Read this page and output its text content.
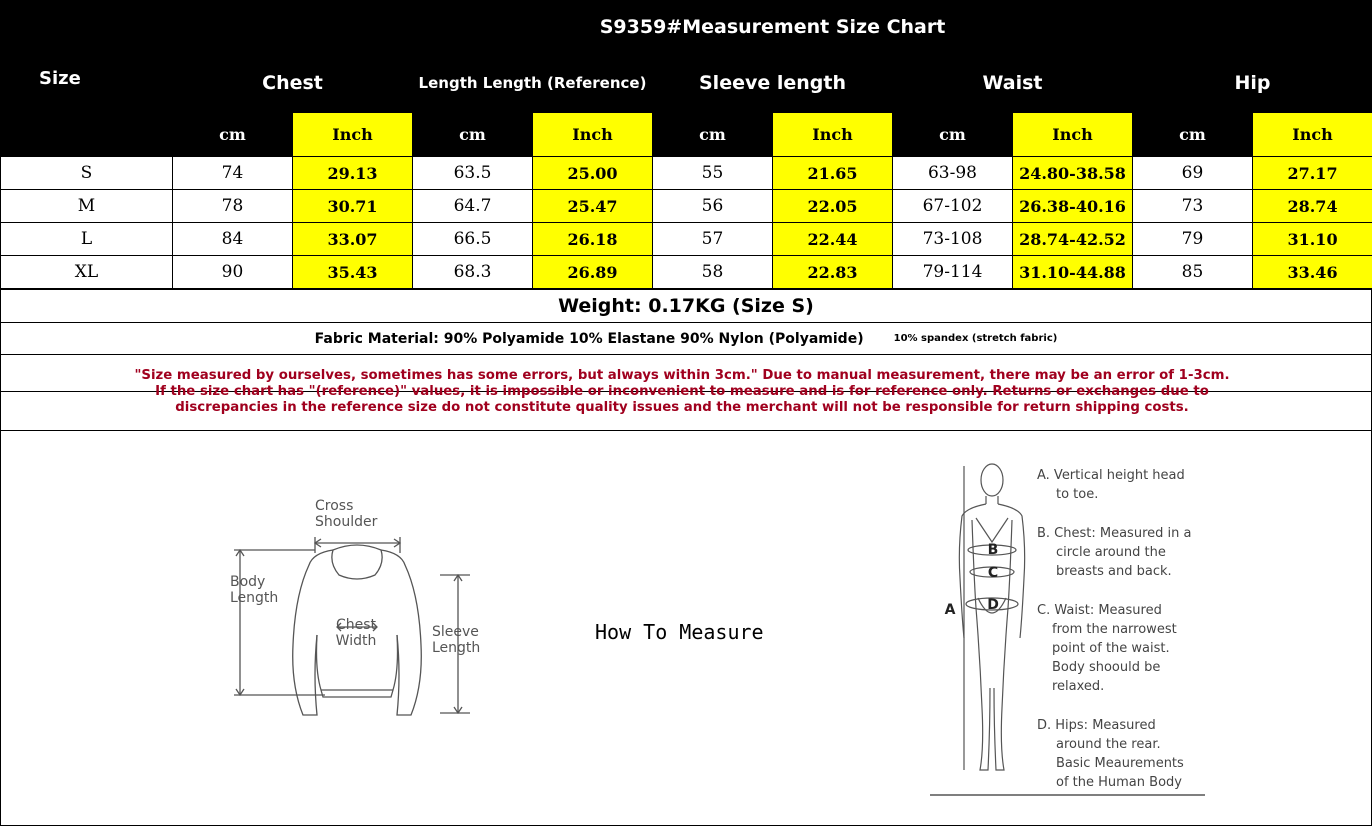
Size	S9359#Measurement Size Chart									
	Chest		Length Length (Reference)		Sleeve length		Waist		Hip	
	cm	Inch	cm	Inch	cm	Inch	cm	Inch	cm	Inch
S	74	29.13	63.5	25.00	55	21.65	63-98	24.80-38.58	69	27.17
M	78	30.71	64.7	25.47	56	22.05	67-102	26.38-40.16	73	28.74
L	84	33.07	66.5	26.18	57	22.44	73-108	28.74-42.52	79	31.10
XL	90	35.43	68.3	26.89	58	22.83	79-114	31.10-44.88	85	33.46
Weight: 0.17KG (Size S)
Fabric Material: 90% Polyamide 10% Elastane 90% Nylon (Polyamide)	10% spandex (stretch fabric)
"Size measured by ourselves, sometimes has some errors, but always within 3cm." Due to manual measurement, there may be an error of 1-3cm.
If the size chart has "(reference)" values, it is impossible or inconvenient to measure and is for reference only. Returns or exchanges due to
discrepancies in the reference size do not constitute quality issues and the merchant will not be responsible for return shipping costs.
Cross
Shoulder
Body
Length
Chest
Width
Sleeve
Length
How To Measure
A
B
C
D
A. Vertical height head
to toe.
B. Chest: Measured in a
circle around the
breasts and back.
C. Waist: Measured
from the narrowest
point of the waist.
Body shoould be
relaxed.
D. Hips: Measured
around the rear.
Basic Meaurements
of the Human Body
